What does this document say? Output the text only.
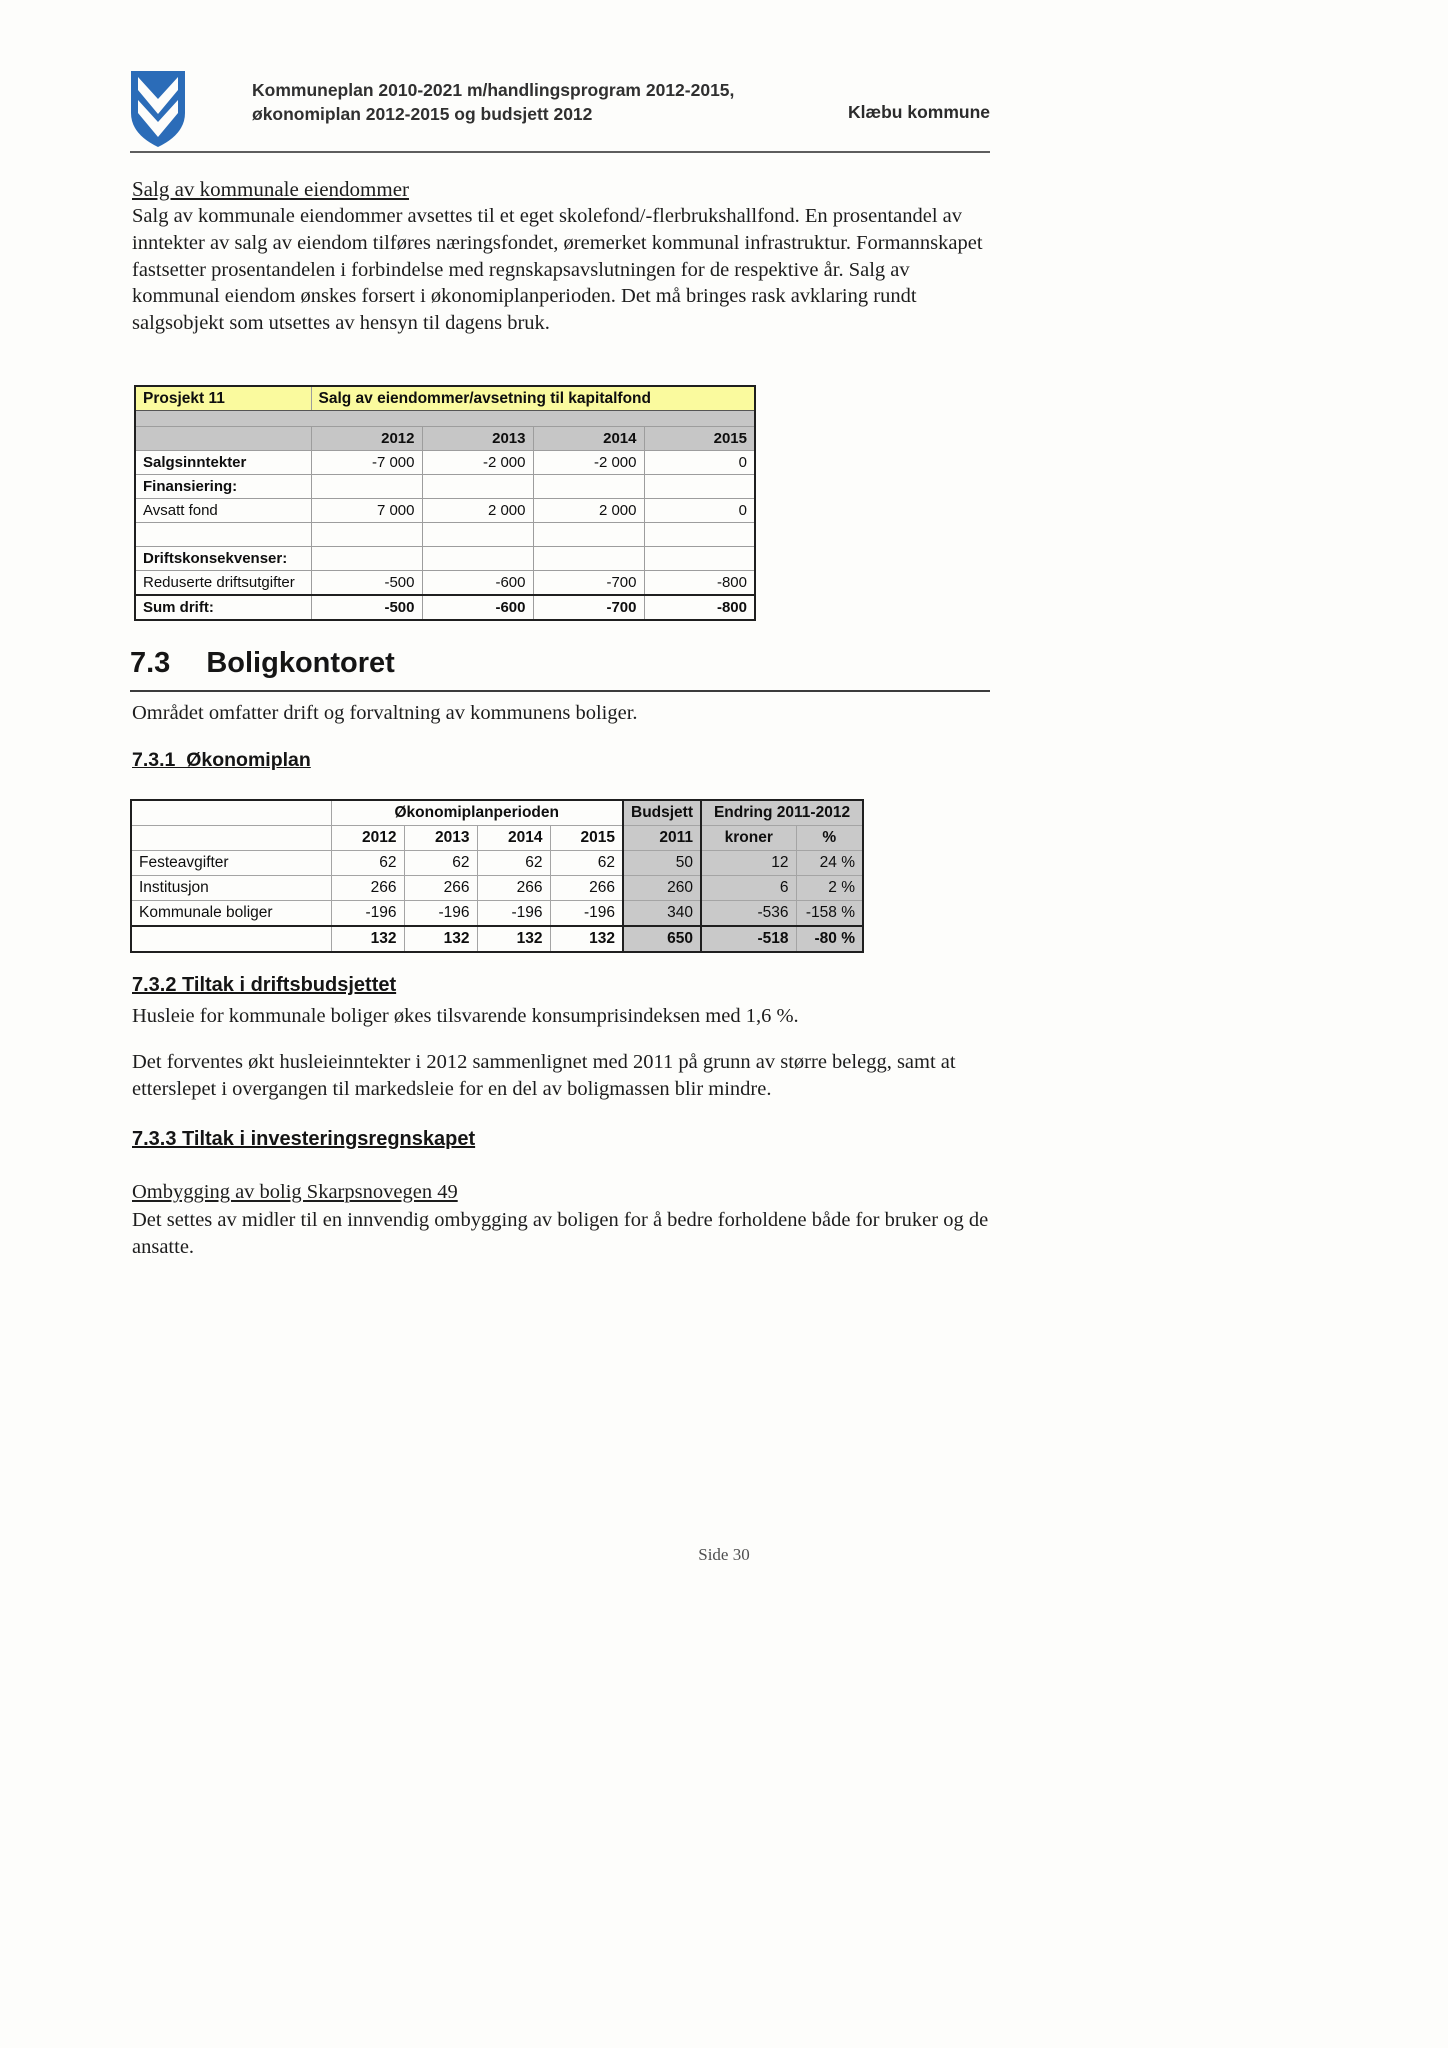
Kommuneplan 2010-2021 m/handlingsprogram 2012-2015,
økonomiplan 2012-2015 og budsjett 2012	Klæbu kommune
Salg av kommunale eiendommer
Salg av kommunale eiendommer avsettes til et eget skolefond/-flerbrukshallfond. En prosentandel av inntekter av salg av eiendom tilføres næringsfondet, øremerket kommunal infrastruktur. Formannskapet fastsetter prosentandelen i forbindelse med regnskapsavslutningen for de respektive år. Salg av kommunal eiendom ønskes forsert i økonomiplanperioden. Det må bringes rask avklaring rundt salgsobjekt som utsettes av hensyn til dagens bruk.
Prosjekt 11	Salg av eiendommer/avsetning til kapitalfond			

	2012	2013	2014	2015
Salgsinntekter	-7 000	-2 000	-2 000	0
Finansiering:				
Avsatt fond	7 000	2 000	2 000	0

Driftskonsekvenser:				
Reduserte driftsutgifter	-500	-600	-700	-800
Sum drift:	-500	-600	-700	-800
7.3 Boligkontoret
Området omfatter drift og forvaltning av kommunens boliger.
7.3.1  Økonomiplan
	Økonomiplanperioden				Budsjett	Endring 2011-2012	
	2012	2013	2014	2015	2011	kroner	%
Festeavgifter	62	62	62	62	50	12	24 %
Institusjon	266	266	266	266	260	6	2 %
Kommunale boliger	-196	-196	-196	-196	340	-536	-158 %
	132	132	132	132	650	-518	-80 %
7.3.2 Tiltak i driftsbudsjettet
Husleie for kommunale boliger økes tilsvarende konsumprisindeksen med 1,6 %.
Det forventes økt husleieinntekter i 2012 sammenlignet med 2011 på grunn av større belegg, samt at etterslepet i overgangen til markedsleie for en del av boligmassen blir mindre.
7.3.3 Tiltak i investeringsregnskapet
Ombygging av bolig Skarpsnovegen 49
Det settes av midler til en innvendig ombygging av boligen for å bedre forholdene både for bruker og de ansatte.
Side 30
